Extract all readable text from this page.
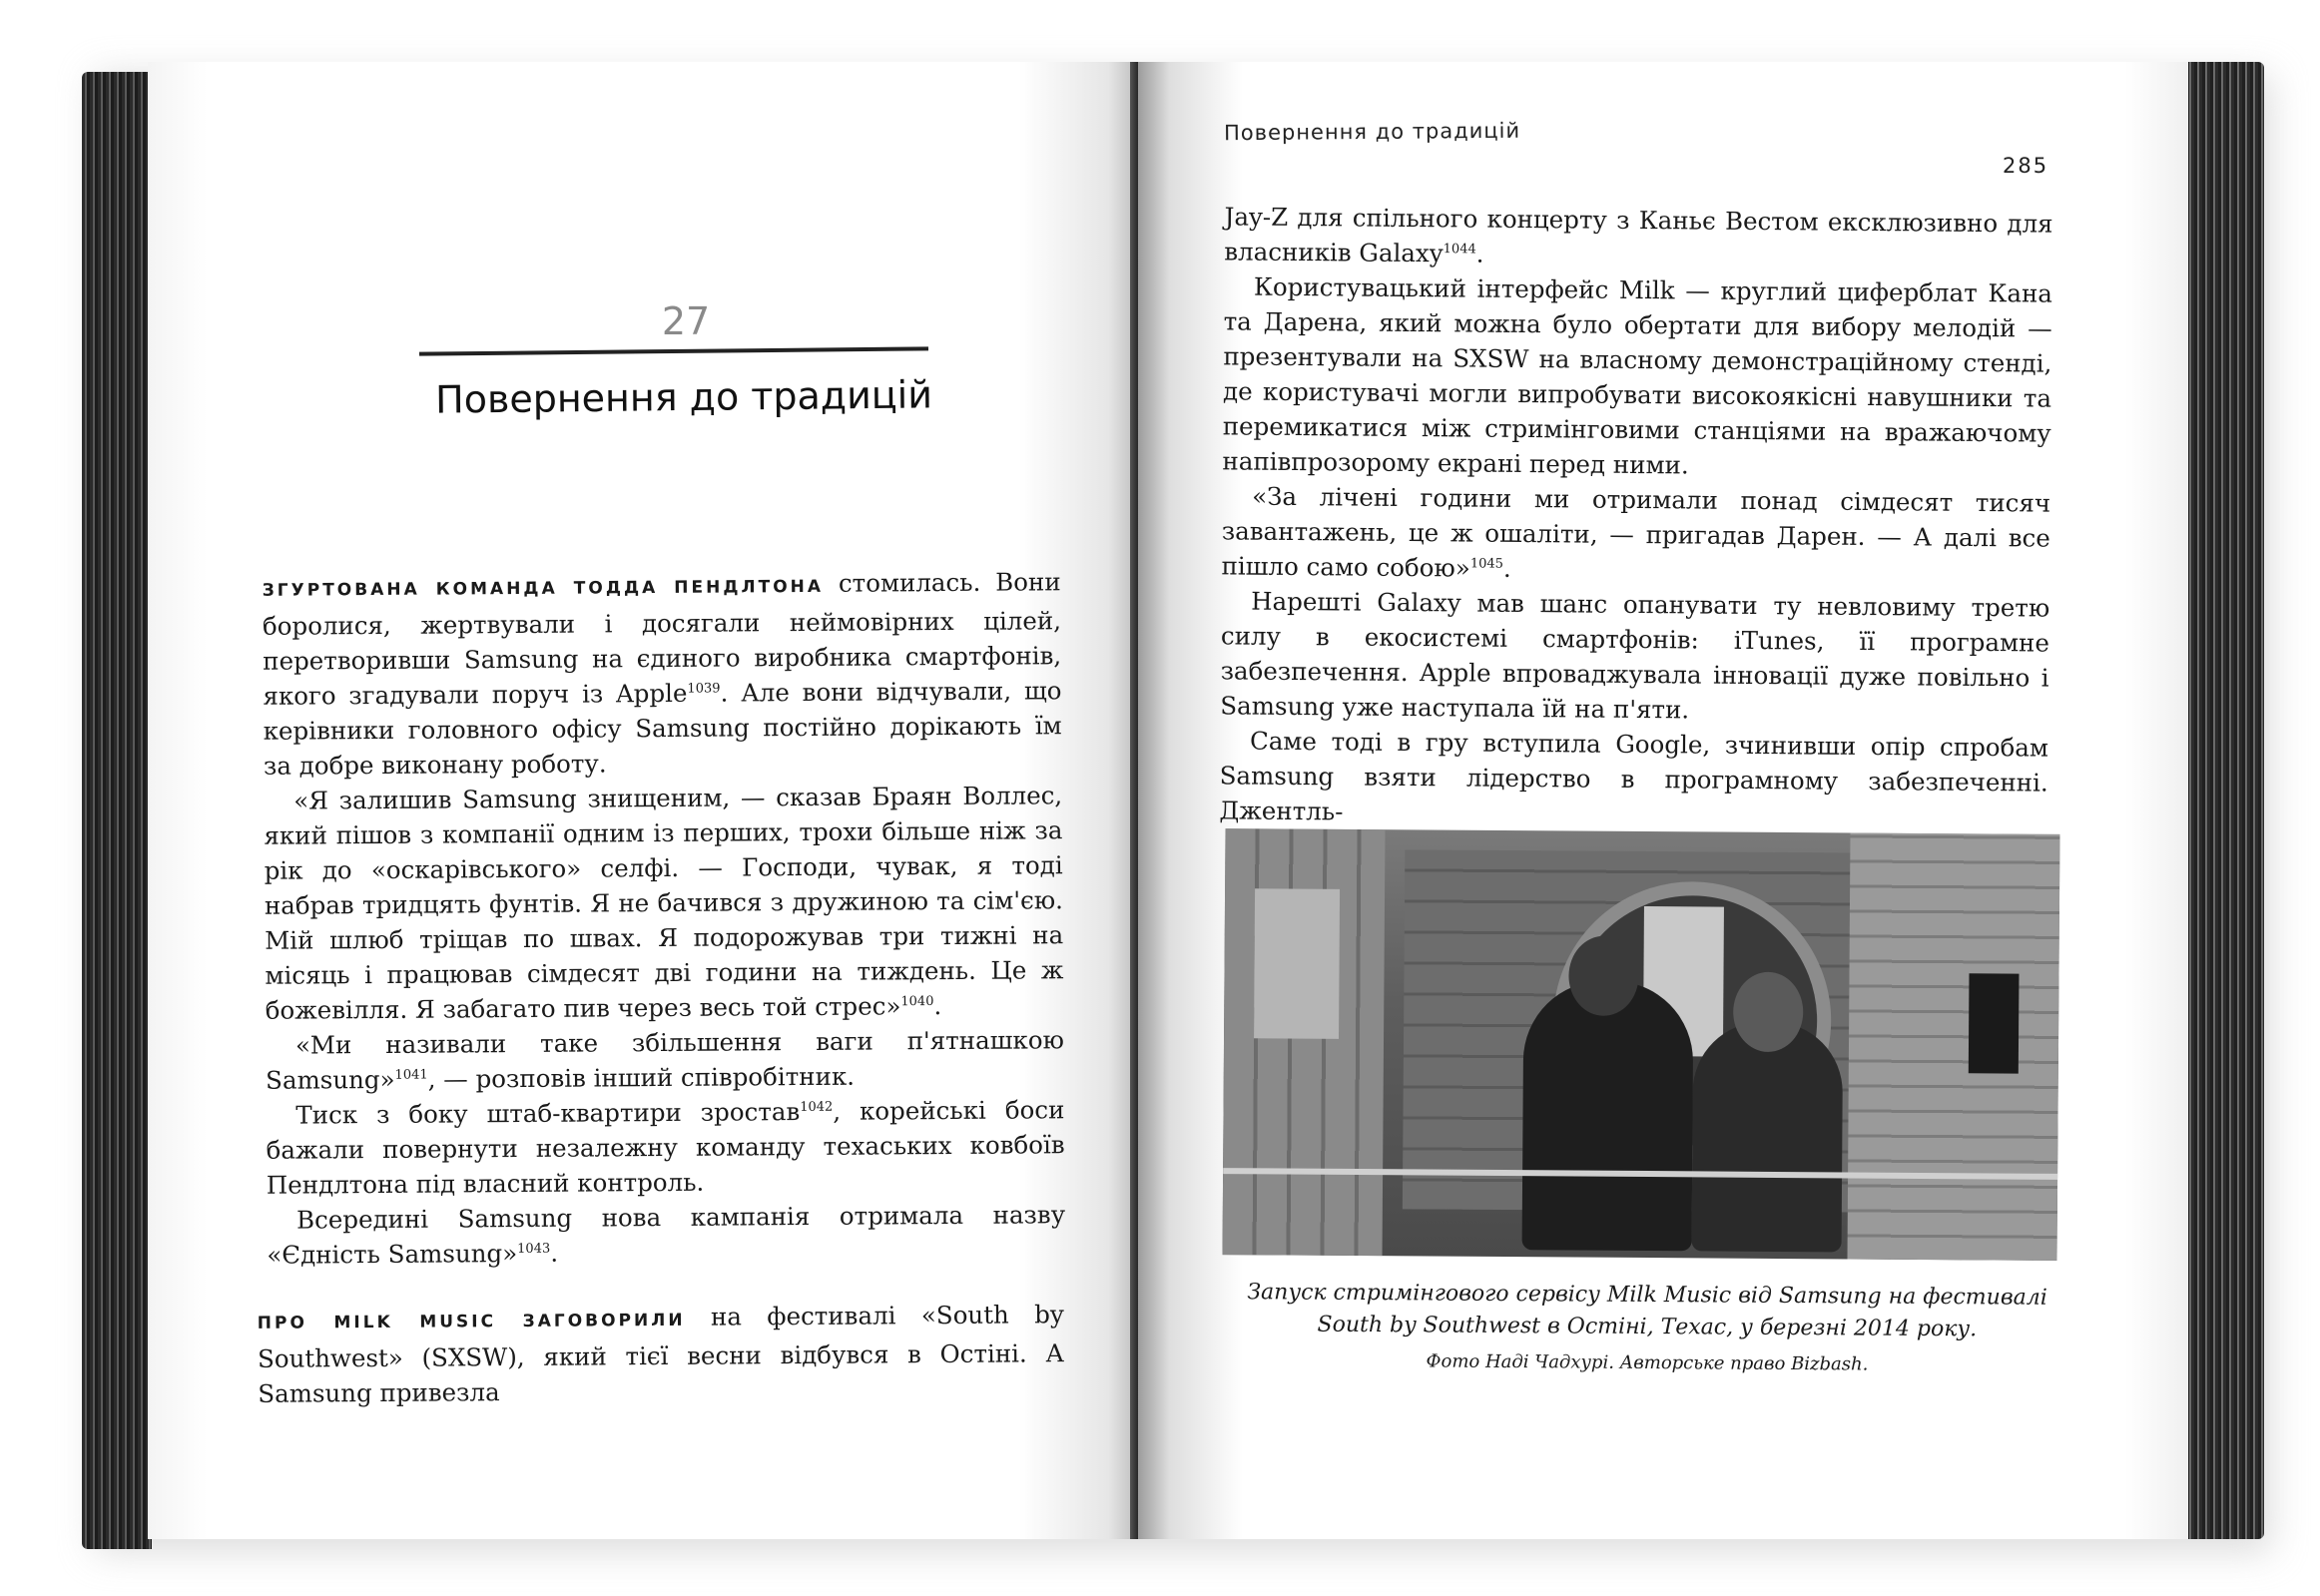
27
Повернення до традицій

ЗГУРТОВАНА КОМАНДА ТОДДА ПЕНДЛТОНА стомилась. Вони боролися, жертвували і досягали неймовірних цілей, перетворивши Samsung на єдиного виробника смартфонів, якого згадували поруч із Apple$^{1039}$. Але вони відчували, що керівники головного офісу Samsung постійно дорікають їм за добре виконану роботу.

«Я залишив Samsung знищеним, — сказав Браян Воллес, який пішов з компанії одним із перших, трохи більше ніж за рік до «оскарівського» селфі. — Господи, чувак, я тоді набрав тридцять фунтів. Я не бачився з дружиною та сім'єю. Мій шлюб тріщав по швах. Я подорожував три тижні на місяць і працював сімдесят дві години на тиждень. Це ж божевілля. Я забагато пив через весь той стрес»$^{1040}$.

«Ми називали таке збільшення ваги п'ятнашкою Samsung»$^{1041}$, — розповів інший співробітник.

Тиск з боку штаб-квартири зростав$^{1042}$, корейські боси бажали повернути незалежну команду техаських ковбоїв Пендлтона під власний контроль.

Всередині Samsung нова кампанія отримала назву «Єдність Samsung»$^{1043}$.

ПРО MILK MUSIC ЗАГОВОРИЛИ на фестивалі «South by Southwest» (SXSW), який тієї весни відбувся в Остіні. А Samsung привезла

Повернення до традицій
285

Jay-Z для спільного концерту з Каньє Вестом ексклюзивно для власників Galaxy$^{1044}$.

Користувацький інтерфейс Milk — круглий циферблат Кана та Дарена, який можна було обертати для вибору мелодій — презентували на SXSW на власному демонстраційному стенді, де користувачі могли випробувати високоякісні навушники та перемикатися між стримінговими станціями на вражаючому напівпрозорому екрані перед ними.

«За лічені години ми отримали понад сімдесят тисяч завантажень, це ж ошаліти, — пригадав Дарен. — А далі все пішло само собою»$^{1045}$.

Нарешті Galaxy мав шанс опанувати ту невловиму третю силу в екосистемі смартфонів: iTunes, її програмне забезпечення. Apple впроваджувала інновації дуже повільно і Samsung уже наступала їй на п'яти.

Саме тоді в гру вступила Google, зчинивши опір спробам Samsung взяти лідерство в програмному забезпеченні. Джентль-

Запуск стримінгового сервісу Milk Music від Samsung на фестивалі South by Southwest в Остіні, Техас, у березні 2014 року.
Фото Наді Чадхурі. Авторське право Bizbash.
